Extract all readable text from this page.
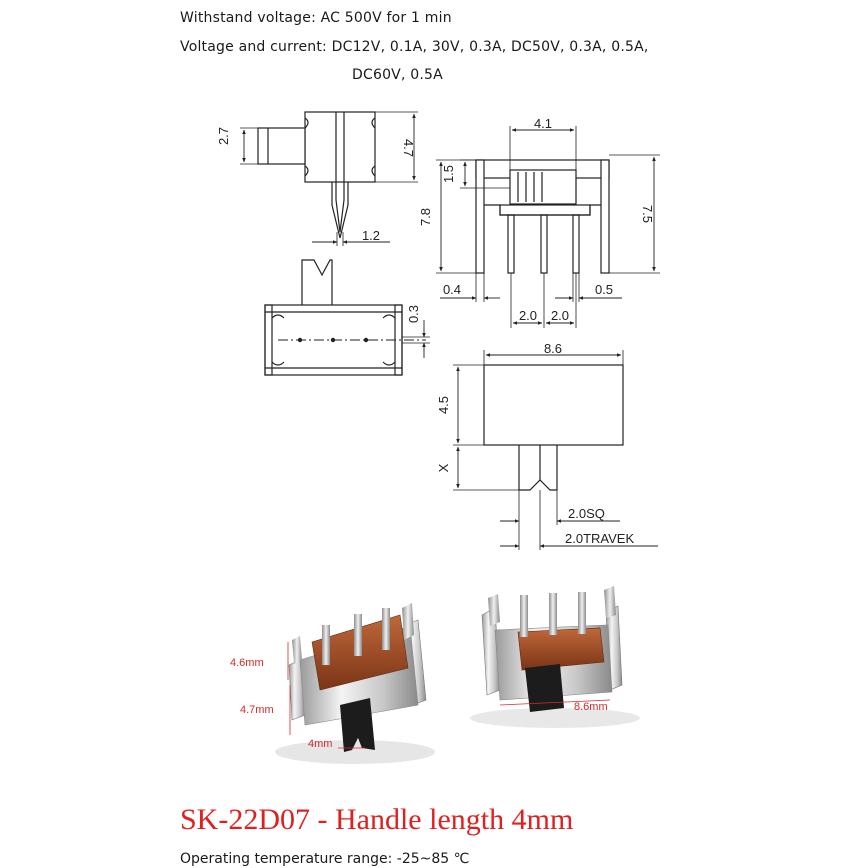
Withstand voltage: AC 500V for 1 min
Voltage and current: DC12V, 0.1A, 30V, 0.3A, DC50V, 0.3A, 0.5A,
DC60V, 0.5A
2.7
4.7
1.2
4.1
1.5
7.8	7.5
0.4	0.5
2.0 2.0
0.3
8.6
4.5
X
2.0SQ
2.0TRAVEK
4.6mm
4.7mm
4mm
8.6mm
SK-22D07 - Handle length 4mm
Operating temperature range: -25~85 ℃
